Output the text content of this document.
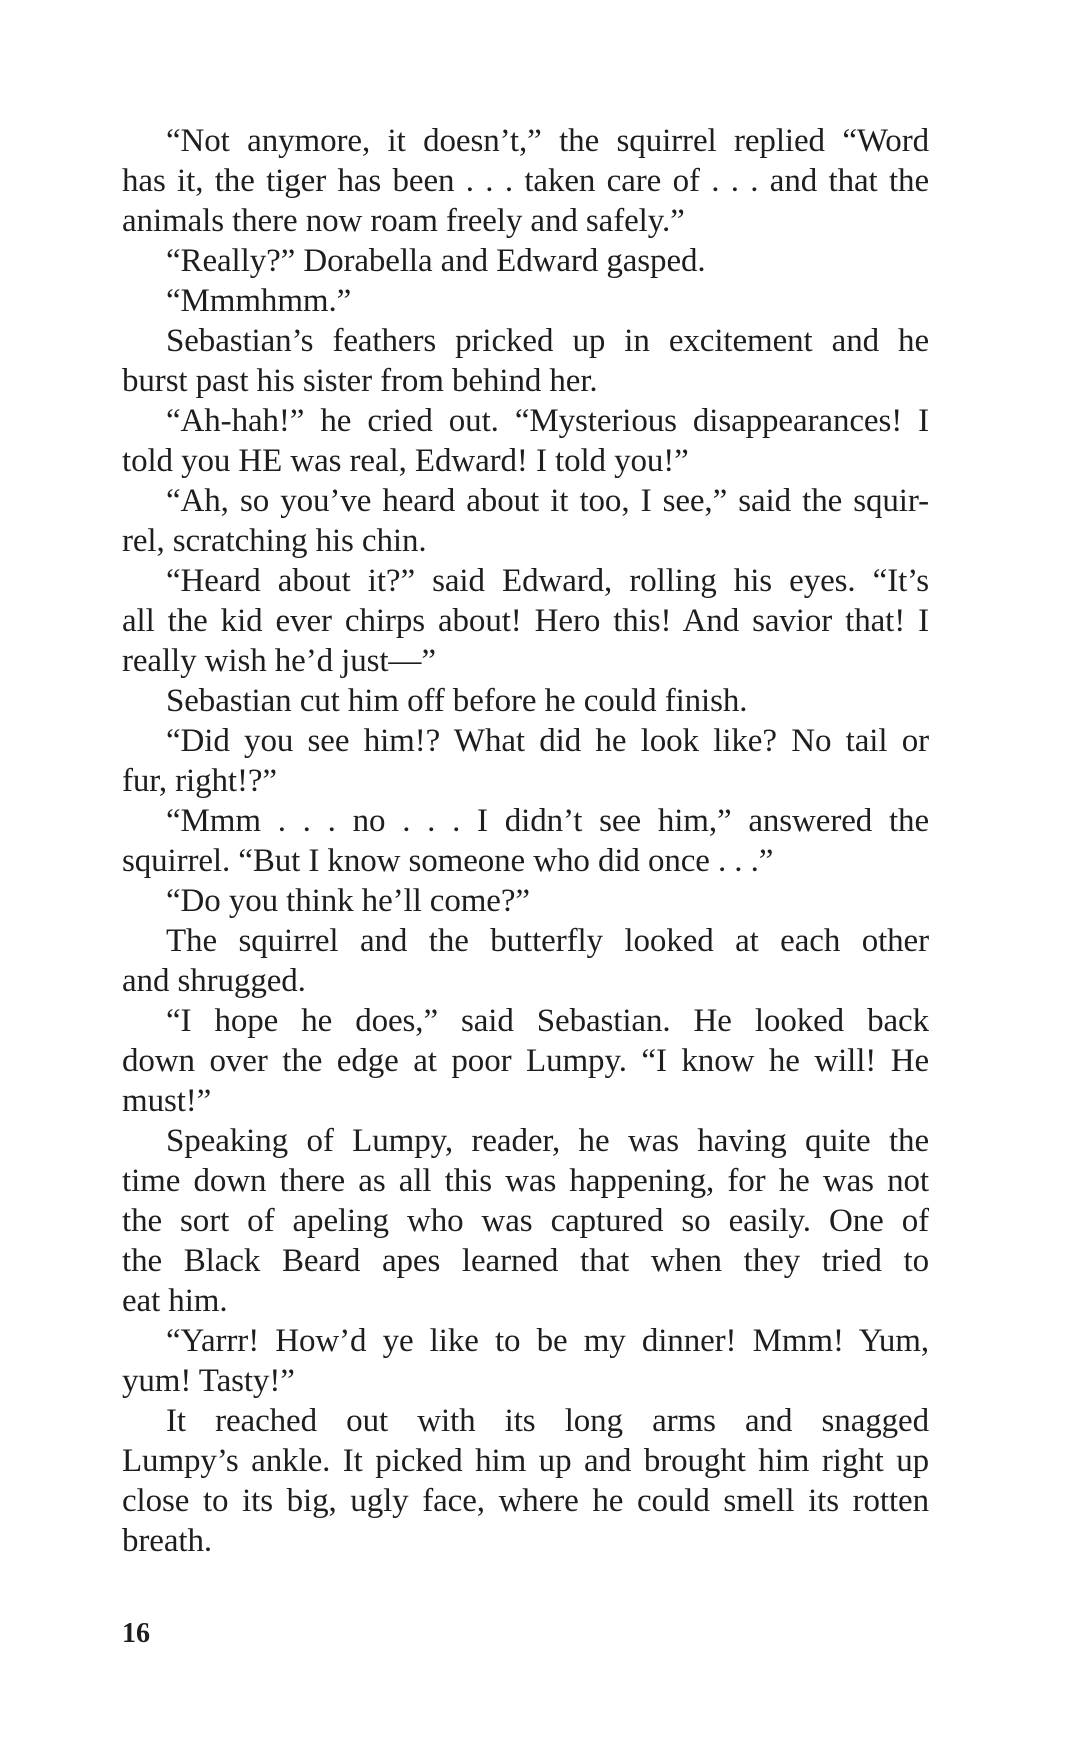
“Not anymore, it doesn’t,” the squirrel replied “Word
has it, the tiger has been . . . taken care of . . . and that the
animals there now roam freely and safely.”
“Really?” Dorabella and Edward gasped.
“Mmmhmm.”
Sebastian’s feathers pricked up in excitement and he
burst past his sister from behind her.
“Ah-hah!” he cried out. “Mysterious disappearances! I
told you HE was real, Edward! I told you!”
“Ah, so you’ve heard about it too, I see,” said the squir-
rel, scratching his chin.
“Heard about it?” said Edward, rolling his eyes. “It’s
all the kid ever chirps about! Hero this! And savior that! I
really wish he’d just—”
Sebastian cut him off before he could finish.
“Did you see him!? What did he look like? No tail or
fur, right!?”
“Mmm . . . no . . . I didn’t see him,” answered the
squirrel. “But I know someone who did once . . .”
“Do you think he’ll come?”
The squirrel and the butterfly looked at each other
and shrugged.
“I hope he does,” said Sebastian. He looked back
down over the edge at poor Lumpy. “I know he will! He
must!”
Speaking of Lumpy, reader, he was having quite the
time down there as all this was happening, for he was not
the sort of apeling who was captured so easily. One of
the Black Beard apes learned that when they tried to
eat him.
“Yarrr! How’d ye like to be my dinner! Mmm! Yum,
yum! Tasty!”
It reached out with its long arms and snagged
Lumpy’s ankle. It picked him up and brought him right up
close to its big, ugly face, where he could smell its rotten
breath.
16
